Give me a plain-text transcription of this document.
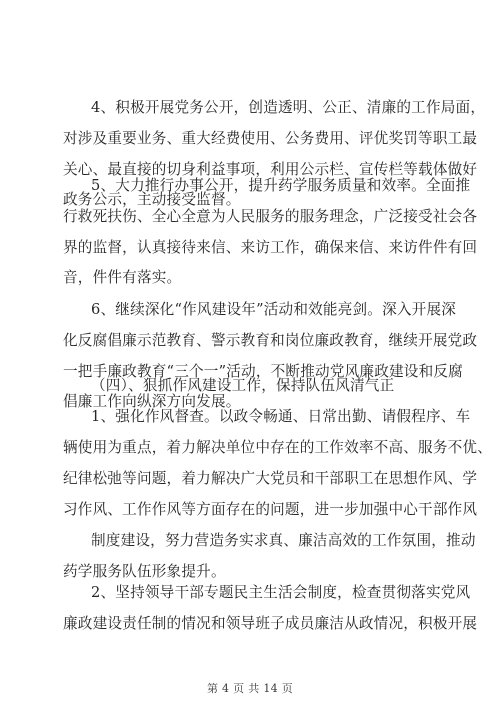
第 4 页 共 14 页
4、积极开展党务公开，创造透明、公正、清廉的工作局面，
对涉及重要业务、重大经费使用、公务费用、评优奖罚等职工最
关心、最直接的切身利益事项，利用公示栏、宣传栏等载体做好
政务公示，主动接受监督。
5、大力推行办事公开，提升药学服务质量和效率。全面推
行救死扶伤、全心全意为人民服务的服务理念，广泛接受社会各
界的监督，认真接待来信、来访工作，确保来信、来访件件有回
音，件件有落实。
6、继续深化“作风建设年”活动和效能亮剑。深入开展深
化反腐倡廉示范教育、警示教育和岗位廉政教育，继续开展党政
一把手廉政教育“三个一”活动，不断推动党风廉政建设和反腐
倡廉工作向纵深方向发展。
（四）、狠抓作风建设工作，保持队伍风清气正
1、强化作风督查。以政令畅通、日常出勤、请假程序、车
辆使用为重点，着力解决单位中存在的工作效率不高、服务不优、
纪律松弛等问题，着力解决广大党员和干部职工在思想作风、学
习作风、工作作风等方面存在的问题，进一步加强中心干部作风
制度建设，努力营造务实求真、廉洁高效的工作氛围，推动
药学服务队伍形象提升。
2、坚持领导干部专题民主生活会制度，检查贯彻落实党风
廉政建设责任制的情况和领导班子成员廉洁从政情况，积极开展
